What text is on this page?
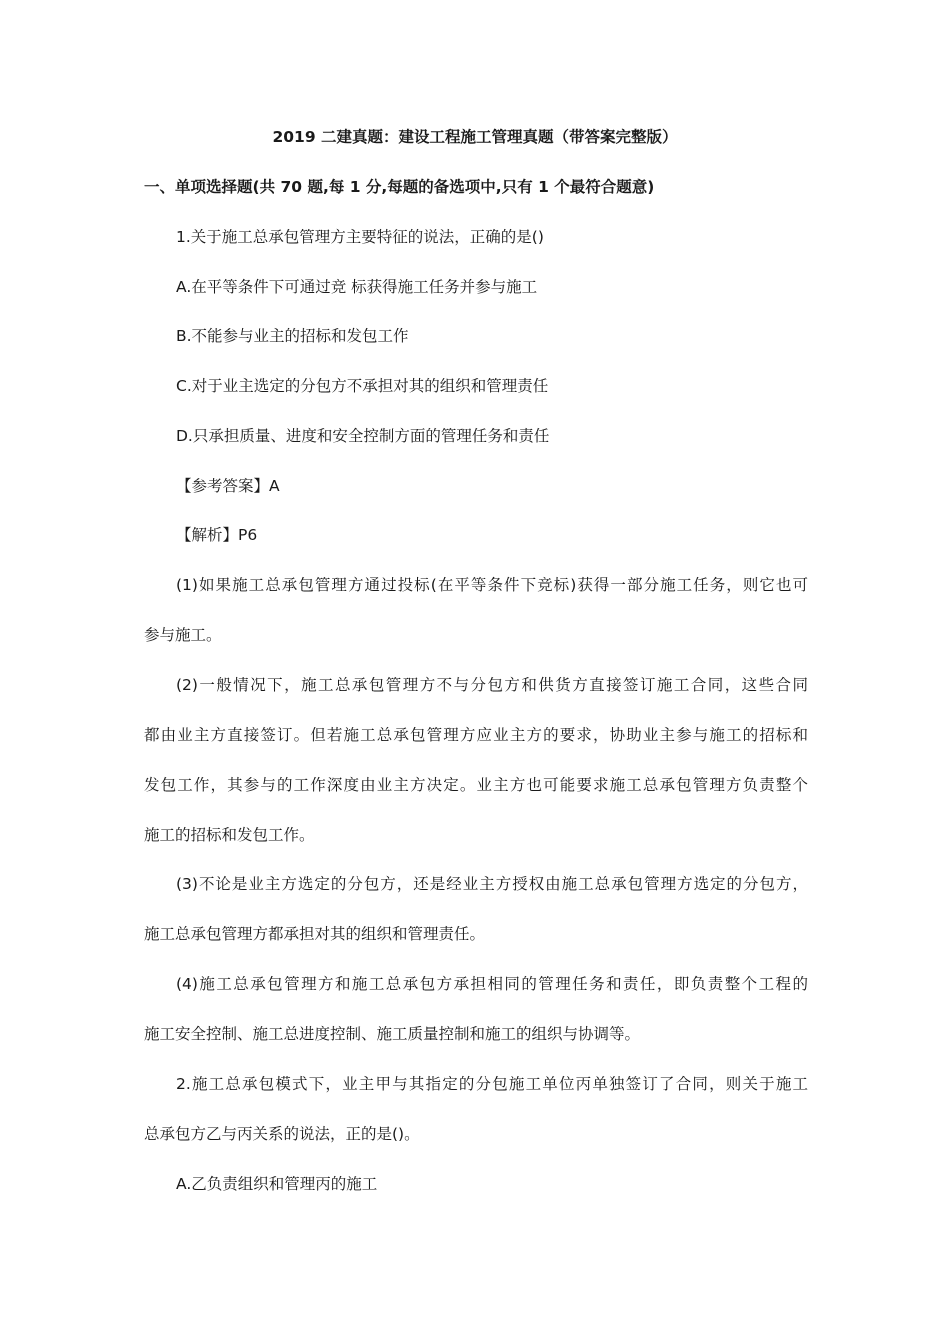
2019 二建真题：建设工程施工管理真题（带答案完整版）
一、单项选择题(共 70 题,每 1 分,每题的备选项中,只有 1 个最符合题意)
1.关于施工总承包管理方主要特征的说法，正确的是()
A.在平等条件下可通过竞 标获得施工任务并参与施工
B.不能参与业主的招标和发包工作
C.对于业主选定的分包方不承担对其的组织和管理责任
D.只承担质量、进度和安全控制方面的管理任务和责任
【参考答案】A
【解析】P6
(1)如果施工总承包管理方通过投标(在平等条件下竞标)获得一部分施工任务，则它也可
参与施工。
(2)一般情况下，施工总承包管理方不与分包方和供货方直接签订施工合同，这些合同
都由业主方直接签订。但若施工总承包管理方应业主方的要求，协助业主参与施工的招标和
发包工作，其参与的工作深度由业主方决定。业主方也可能要求施工总承包管理方负责整个
施工的招标和发包工作。
(3)不论是业主方选定的分包方，还是经业主方授权由施工总承包管理方选定的分包方，
施工总承包管理方都承担对其的组织和管理责任。
(4)施工总承包管理方和施工总承包方承担相同的管理任务和责任，即负责整个工程的
施工安全控制、施工总进度控制、施工质量控制和施工的组织与协调等。
2.施工总承包模式下，业主甲与其指定的分包施工单位丙单独签订了合同，则关于施工
总承包方乙与丙关系的说法，正的是()。
A.乙负责组织和管理丙的施工
